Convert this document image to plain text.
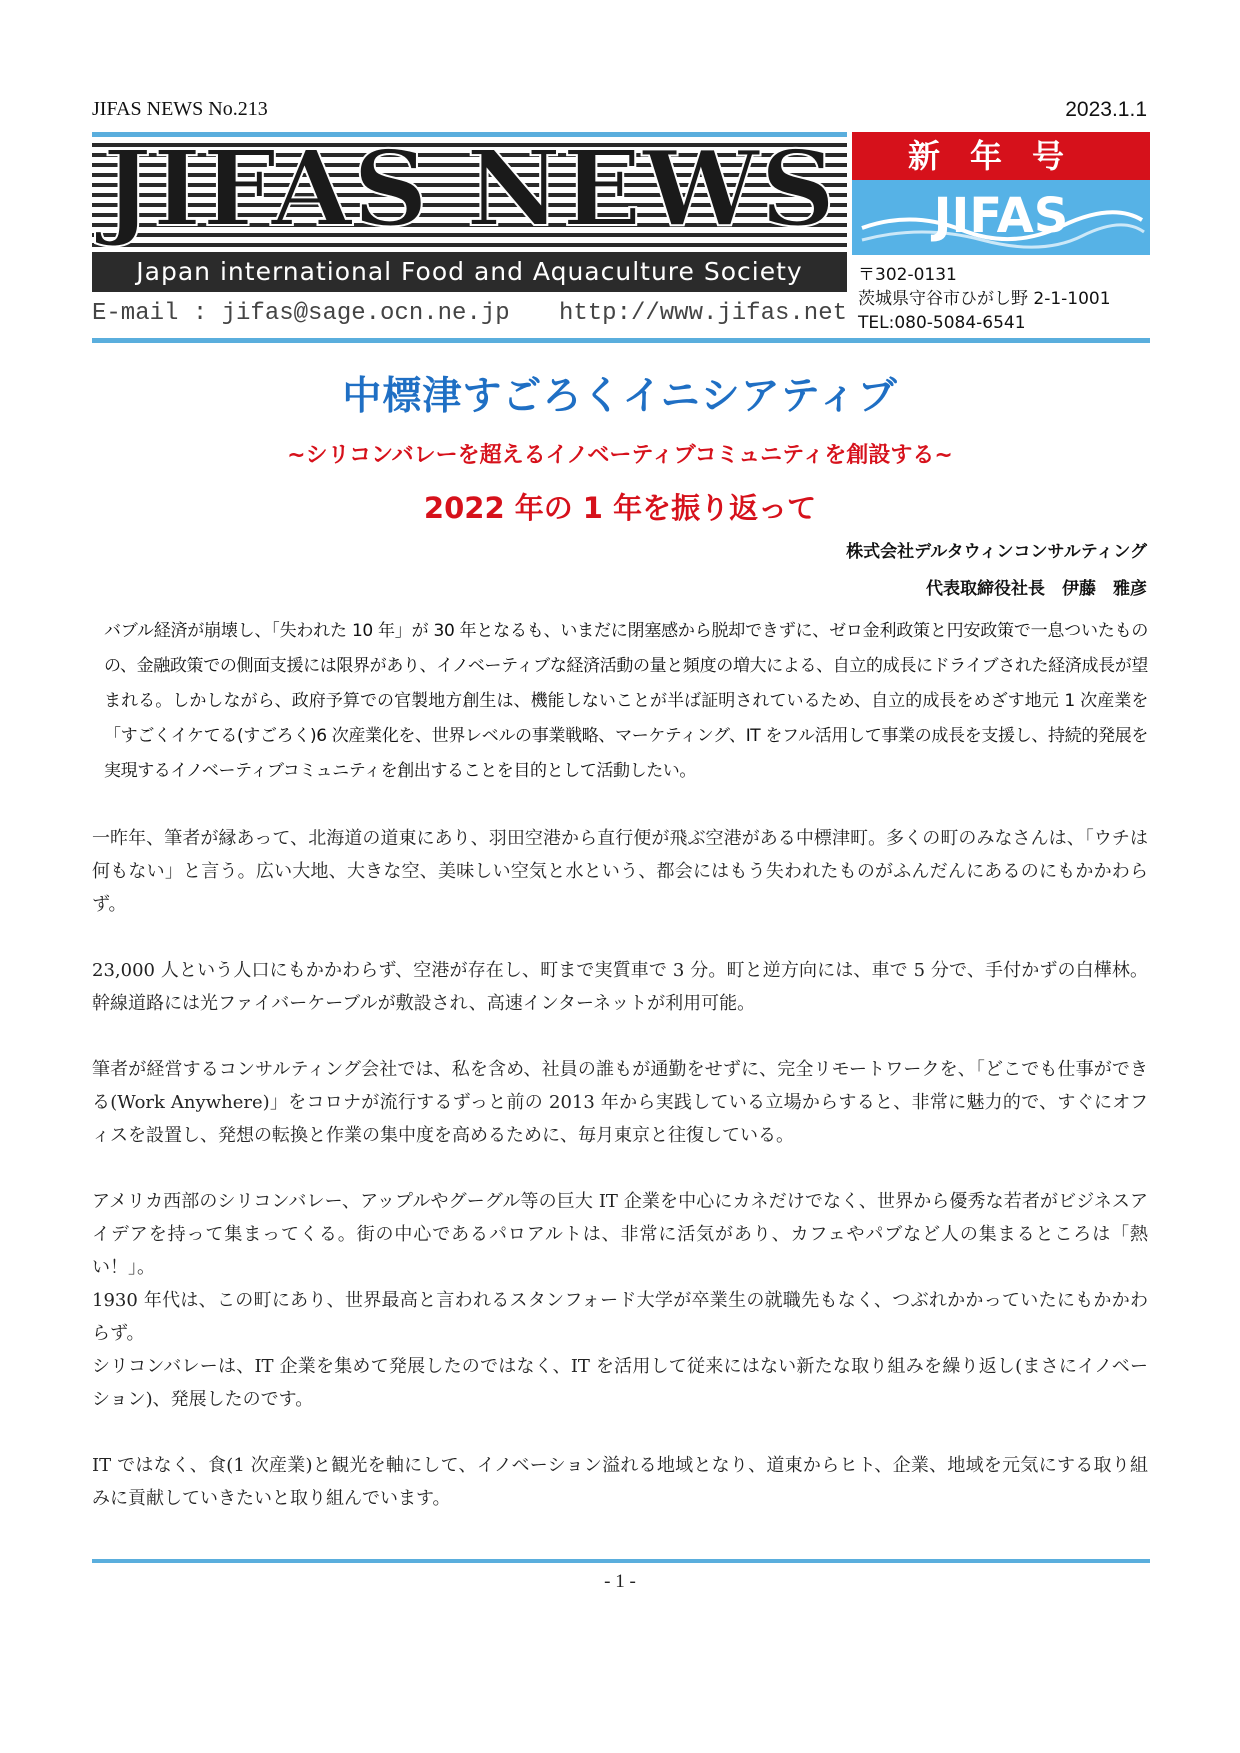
JIFAS NEWS No.213	2023.1.1
JIFAS NEWS
Japan international Food and Aquaculture Society
E-mail : jifas@sage.ocn.ne.jp http://www.jifas.net
新年号
JIFAS
〒302-0131
茨城県守谷市ひがし野 2-1-1001
TEL:080-5084-6541
中標津すごろくイニシアティブ
~シリコンバレーを超えるイノベーティブコミュニティを創設する~
2022 年の 1 年を振り返って
株式会社デルタウィンコンサルティング
代表取締役社長　伊藤　雅彦
バブル経済が崩壊し、「失われた 10 年」が 30 年となるも、いまだに閉塞感から脱却できずに、ゼロ金利政策と円安政策で一息ついたものの、金融政策での側面支援には限界があり、イノベーティブな経済活動の量と頻度の増大による、自立的成長にドライブされた経済成長が望まれる。しかしながら、政府予算での官製地方創生は、機能しないことが半ば証明されているため、自立的成長をめざす地元 1 次産業を「すごくイケてる(すごろく)6 次産業化を、世界レベルの事業戦略、マーケティング、IT をフル活用して事業の成長を支援し、持続的発展を実現するイノベーティブコミュニティを創出することを目的として活動したい。

一昨年、筆者が縁あって、北海道の道東にあり、羽田空港から直行便が飛ぶ空港がある中標津町。多くの町のみなさんは、「ウチは何もない」と言う。広い大地、大きな空、美味しい空気と水という、都会にはもう失われたものがふんだんにあるのにもかかわらず。

23,000 人という人口にもかかわらず、空港が存在し、町まで実質車で 3 分。町と逆方向には、車で 5 分で、手付かずの白樺林。幹線道路には光ファイバーケーブルが敷設され、高速インターネットが利用可能。

筆者が経営するコンサルティング会社では、私を含め、社員の誰もが通勤をせずに、完全リモートワークを、「どこでも仕事ができる(Work Anywhere)」をコロナが流行するずっと前の 2013 年から実践している立場からすると、非常に魅力的で、すぐにオフィスを設置し、発想の転換と作業の集中度を高めるために、毎月東京と往復している。

アメリカ西部のシリコンバレー、アップルやグーグル等の巨大 IT 企業を中心にカネだけでなく、世界から優秀な若者がビジネスアイデアを持って集まってくる。街の中心であるパロアルトは、非常に活気があり、カフェやパブなど人の集まるところは「熱い！」。

1930 年代は、この町にあり、世界最高と言われるスタンフォード大学が卒業生の就職先もなく、つぶれかかっていたにもかかわらず。

シリコンバレーは、IT 企業を集めて発展したのではなく、IT を活用して従来にはない新たな取り組みを繰り返し(まさにイノベーション)、発展したのです。

IT ではなく、食(1 次産業)と観光を軸にして、イノベーション溢れる地域となり、道東からヒト、企業、地域を元気にする取り組みに貢献していきたいと取り組んでいます。

- 1 -
